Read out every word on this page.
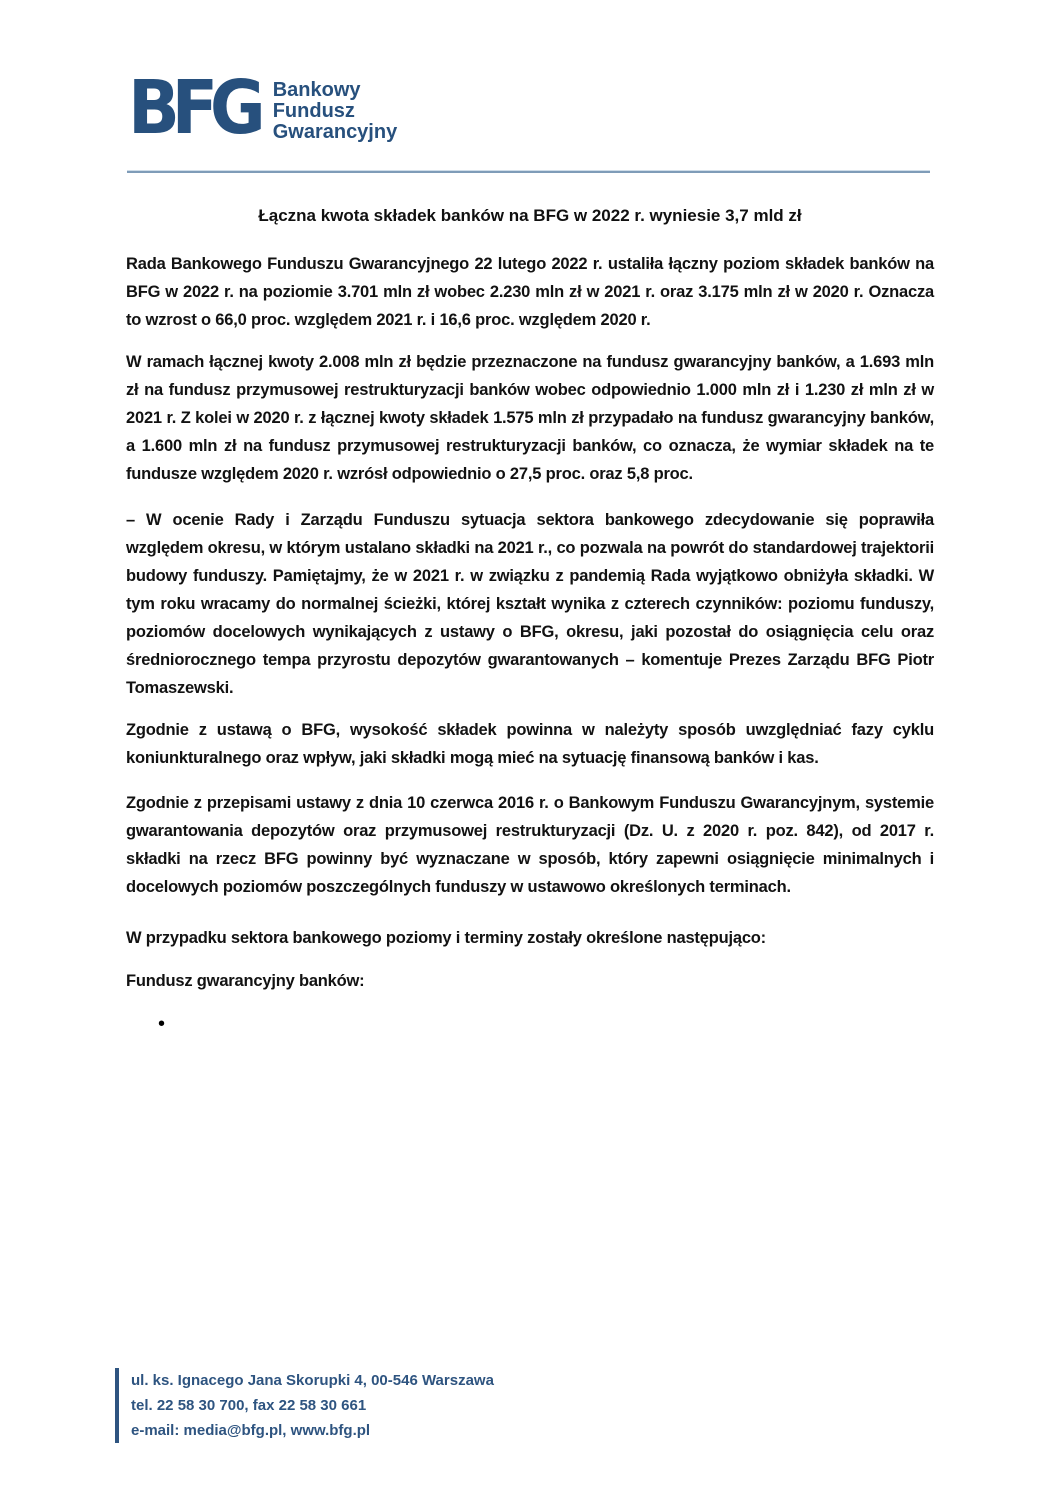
BFG Bankowy
Fundusz
Gwarancyjny
Łączna kwota składek banków na BFG w 2022 r. wyniesie 3,7 mld zł
Rada Bankowego Funduszu Gwarancyjnego 22 lutego 2022 r. ustaliła łączny poziom składek banków na BFG w 2022 r. na poziomie 3.701 mln zł wobec 2.230 mln zł w 2021 r. oraz 3.175 mln zł w 2020 r. Oznacza to wzrost o 66,0 proc. względem 2021 r. i 16,6 proc. względem 2020 r.
W ramach łącznej kwoty 2.008 mln zł będzie przeznaczone na fundusz gwarancyjny banków, a 1.693 mln zł na fundusz przymusowej restrukturyzacji banków wobec odpowiednio 1.000 mln zł i 1.230 zł mln zł w 2021 r. Z kolei w 2020 r. z łącznej kwoty składek 1.575 mln zł przypadało na fundusz gwarancyjny banków, a 1.600 mln zł na fundusz przymusowej restrukturyzacji banków, co oznacza, że wymiar składek na te fundusze względem 2020 r. wzrósł odpowiednio o 27,5 proc. oraz 5,8 proc.
– W ocenie Rady i Zarządu Funduszu sytuacja sektora bankowego zdecydowanie się poprawiła względem okresu, w którym ustalano składki na 2021 r., co pozwala na powrót do standardowej trajektorii budowy funduszy. Pamiętajmy, że w 2021 r. w związku z pandemią Rada wyjątkowo obniżyła składki. W tym roku wracamy do normalnej ścieżki, której kształt wynika z czterech czynników: poziomu funduszy, poziomów docelowych wynikających z ustawy o BFG, okresu, jaki pozostał do osiągnięcia celu oraz średniorocznego tempa przyrostu depozytów gwarantowanych – komentuje Prezes Zarządu BFG Piotr Tomaszewski.
Zgodnie z ustawą o BFG, wysokość składek powinna w należyty sposób uwzględniać fazy cyklu koniunkturalnego oraz wpływ, jaki składki mogą mieć na sytuację finansową banków i kas.
Zgodnie z przepisami ustawy z dnia 10 czerwca 2016 r. o Bankowym Funduszu Gwarancyjnym, systemie gwarantowania depozytów oraz przymusowej restrukturyzacji (Dz. U. z 2020 r. poz. 842), od 2017 r. składki na rzecz BFG powinny być wyznaczane w sposób, który zapewni osiągnięcie minimalnych i docelowych poziomów poszczególnych funduszy w ustawowo określonych terminach.
W przypadku sektora bankowego poziomy i terminy zostały określone następująco:
Fundusz gwarancyjny banków:
•
ul. ks. Ignacego Jana Skorupki 4, 00-546 Warszawa
tel. 22 58 30 700, fax 22 58 30 661
e-mail: media@bfg.pl, www.bfg.pl
